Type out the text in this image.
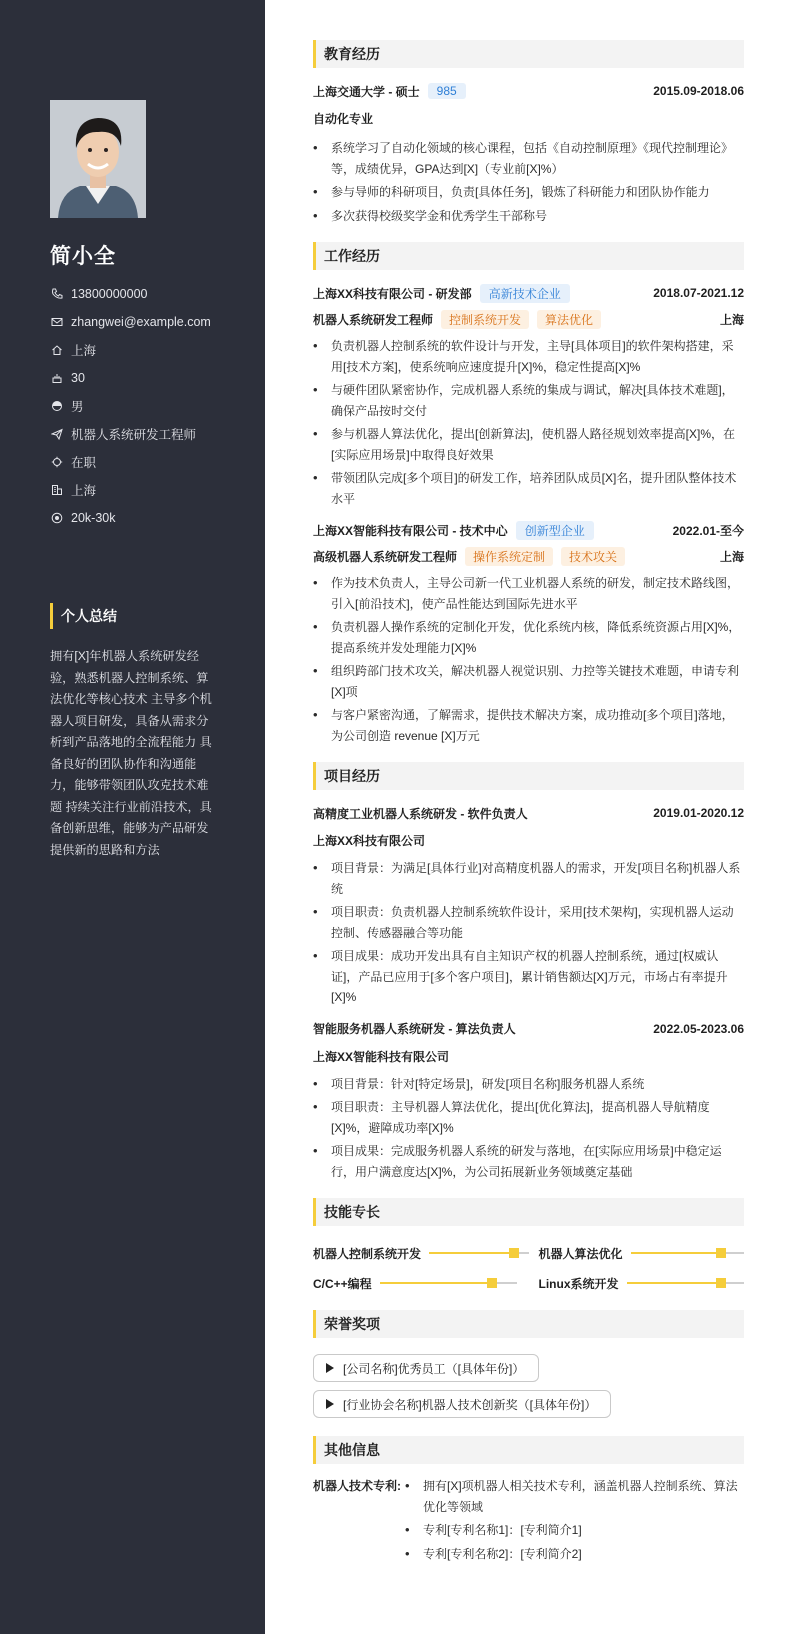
简小全
13800000000
zhangwei@example.com
上海
30
男
机器人系统研发工程师
在职
上海
20k-30k
个人总结
拥有[X]年机器人系统研发经验，熟悉机器人控制系统、算法优化等核心技术 主导多个机器人项目研发，具备从需求分析到产品落地的全流程能力 具备良好的团队协作和沟通能力，能够带领团队攻克技术难题 持续关注行业前沿技术，具备创新思维，能够为产品研发提供新的思路和方法
教育经历
上海交通大学 - 硕士	985	2015.09-2018.06
自动化专业
• 系统学习了自动化领域的核心课程，包括《自动控制原理》《现代控制理论》等，成绩优异，GPA达到[X]（专业前[X]%）
• 参与导师的科研项目，负责[具体任务]，锻炼了科研能力和团队协作能力
• 多次获得校级奖学金和优秀学生干部称号
工作经历
上海XX科技有限公司 - 研发部	高新技术企业	2018.07-2021.12
机器人系统研发工程师	控制系统开发	算法优化	上海
• 负责机器人控制系统的软件设计与开发，主导[具体项目]的软件架构搭建，采用[技术方案]，使系统响应速度提升[X]%，稳定性提高[X]%
• 与硬件团队紧密协作，完成机器人系统的集成与调试，解决[具体技术难题]，确保产品按时交付
• 参与机器人算法优化，提出[创新算法]，使机器人路径规划效率提高[X]%，在[实际应用场景]中取得良好效果
• 带领团队完成[多个项目]的研发工作，培养团队成员[X]名，提升团队整体技术水平
上海XX智能科技有限公司 - 技术中心	创新型企业	2022.01-至今
高级机器人系统研发工程师	操作系统定制	技术攻关	上海
• 作为技术负责人，主导公司新一代工业机器人系统的研发，制定技术路线图，引入[前沿技术]，使产品性能达到国际先进水平
• 负责机器人操作系统的定制化开发，优化系统内核，降低系统资源占用[X]%，提高系统并发处理能力[X]%
• 组织跨部门技术攻关，解决机器人视觉识别、力控等关键技术难题，申请专利[X]项
• 与客户紧密沟通，了解需求，提供技术解决方案，成功推动[多个项目]落地，为公司创造 revenue [X]万元
项目经历
高精度工业机器人系统研发 - 软件负责人	2019.01-2020.12
上海XX科技有限公司
• 项目背景：为满足[具体行业]对高精度机器人的需求，开发[项目名称]机器人系统
• 项目职责：负责机器人控制系统软件设计，采用[技术架构]，实现机器人运动控制、传感器融合等功能
• 项目成果：成功开发出具有自主知识产权的机器人控制系统，通过[权威认证]，产品已应用于[多个客户项目]，累计销售额达[X]万元，市场占有率提升[X]%
智能服务机器人系统研发 - 算法负责人	2022.05-2023.06
上海XX智能科技有限公司
• 项目背景：针对[特定场景]，研发[项目名称]服务机器人系统
• 项目职责：主导机器人算法优化，提出[优化算法]，提高机器人导航精度[X]%，避障成功率[X]%
• 项目成果：完成服务机器人系统的研发与落地，在[实际应用场景]中稳定运行，用户满意度达[X]%，为公司拓展新业务领域奠定基础
技能专长
机器人控制系统开发	机器人算法优化
C/C++编程	Linux系统开发
荣誉奖项
[公司名称]优秀员工（[具体年份]）
[行业协会名称]机器人技术创新奖（[具体年份]）
其他信息
机器人技术专利:
•	拥有[X]项机器人相关技术专利，涵盖机器人控制系统、算法优化等领域
• 专利[专利名称1]：[专利简介1]
• 专利[专利名称2]：[专利简介2]
